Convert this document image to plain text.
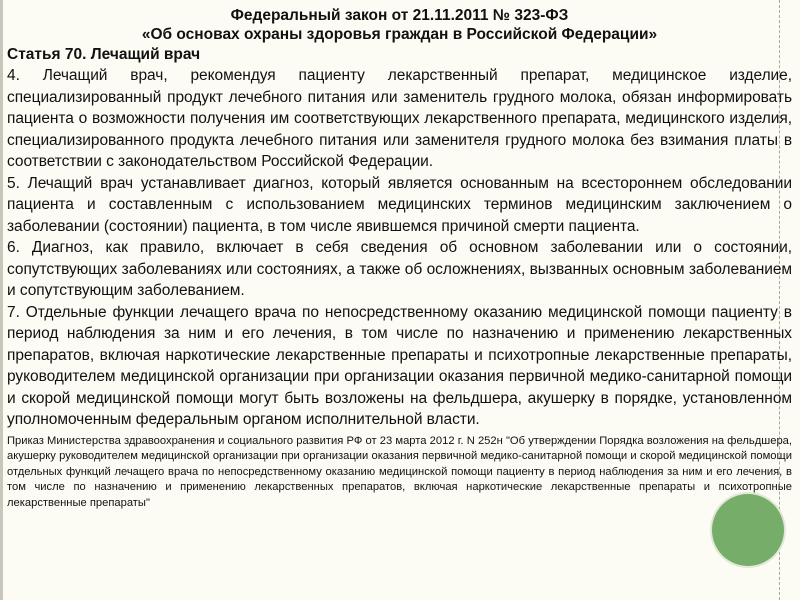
Федеральный закон от 21.11.2011 № 323-ФЗ
«Об основах охраны здоровья граждан в Российской Федерации»
Статья 70. Лечащий врач

4. Лечащий врач, рекомендуя пациенту лекарственный препарат, медицинское изделие, специализированный продукт лечебного питания или заменитель грудного молока, обязан информировать пациента о возможности получения им соответствующих лекарственного препарата, медицинского изделия, специализированного продукта лечебного питания или заменителя грудного молока без взимания платы в соответствии с законодательством Российской Федерации.

5. Лечащий врач устанавливает диагноз, который является основанным на всестороннем обследовании пациента и составленным с использованием медицинских терминов медицинским заключением о заболевании (состоянии) пациента, в том числе явившемся причиной смерти пациента.

6. Диагноз, как правило, включает в себя сведения об основном заболевании или о состоянии, сопутствующих заболеваниях или состояниях, а также об осложнениях, вызванных основным заболеванием и сопутствующим заболеванием.

7. Отдельные функции лечащего врача по непосредственному оказанию медицинской помощи пациенту в период наблюдения за ним и его лечения, в том числе по назначению и применению лекарственных препаратов, включая наркотические лекарственные препараты и психотропные лекарственные препараты, руководителем медицинской организации при организации оказания первичной медико-санитарной помощи и скорой медицинской помощи могут быть возложены на фельдшера, акушерку в порядке, установленном уполномоченным федеральным органом исполнительной власти.

Приказ Министерства здравоохранения и социального развития РФ от 23 марта 2012 г. N 252н "Об утверждении Порядка возложения на фельдшера, акушерку руководителем медицинской организации при организации оказания первичной медико-санитарной помощи и скорой медицинской помощи отдельных функций лечащего врача по непосредственному оказанию медицинской помощи пациенту в период наблюдения за ним и его лечения, в том числе по назначению и применению лекарственных препаратов, включая наркотические лекарственные препараты и психотропные лекарственные препараты"
